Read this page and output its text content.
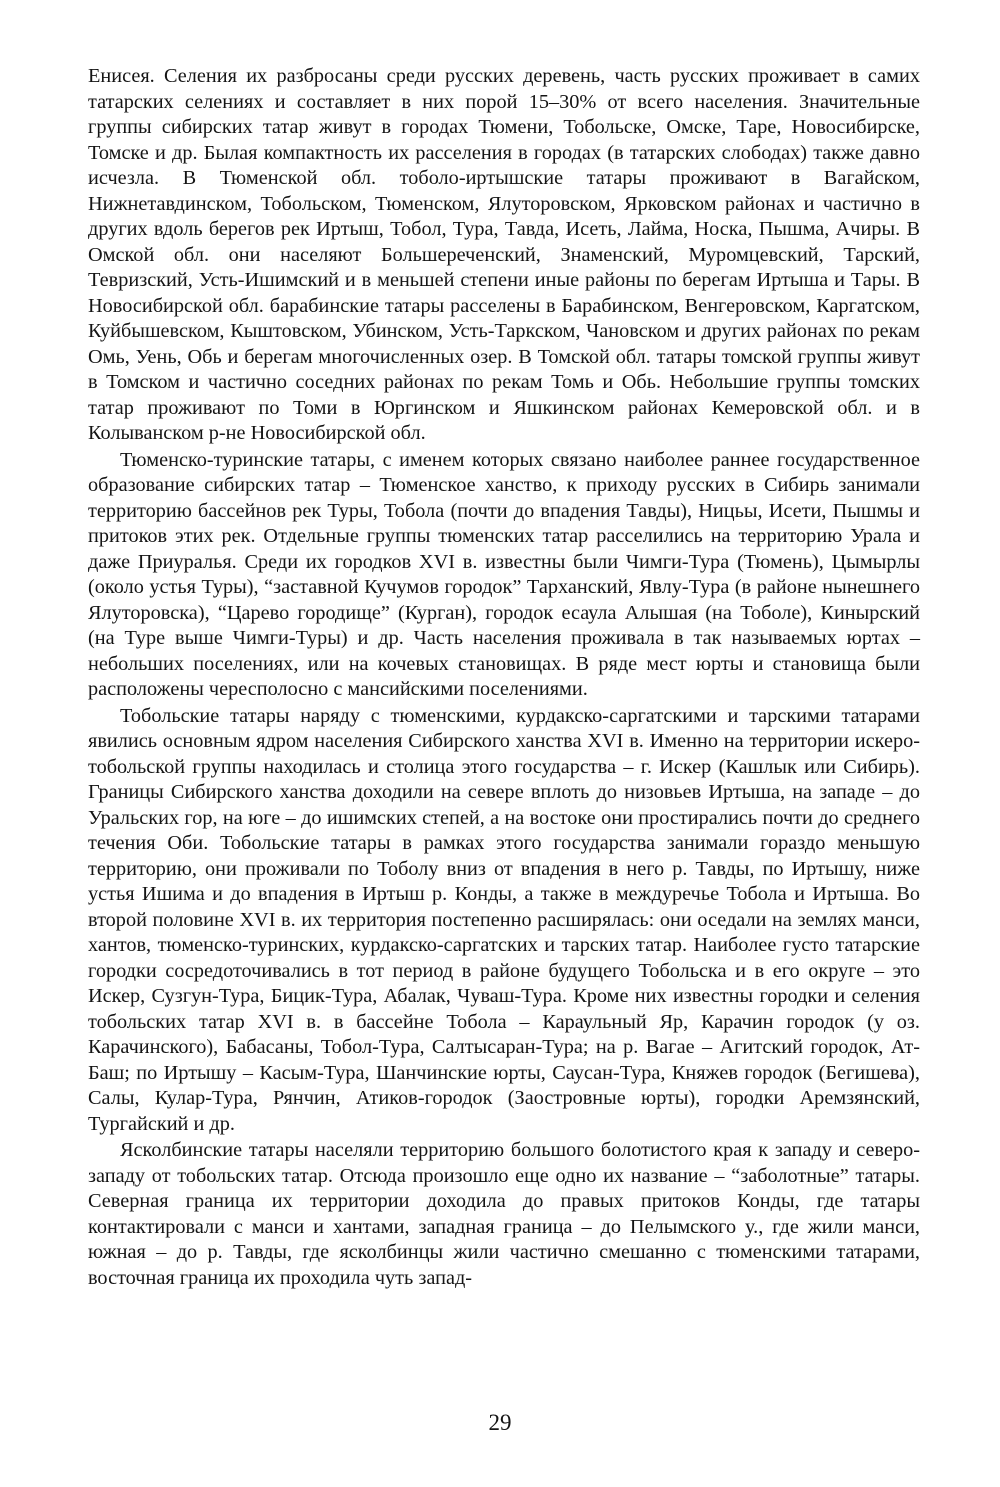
Енисея. Селения их разбросаны среди русских деревень, часть русских проживает в самих татарских селениях и составляет в них порой 15–30% от всего населения. Значительные группы сибирских татар живут в городах Тюмени, Тобольске, Омске, Таре, Новосибирске, Томске и др. Былая компактность их расселения в городах (в татарских слободах) также давно исчезла. В Тюменской обл. тоболо-иртышские татары проживают в Вагайском, Нижнетавдинском, Тобольском, Тюменском, Ялуторовском, Ярковском районах и частично в других вдоль берегов рек Иртыш, Тобол, Тура, Тавда, Исеть, Лайма, Носка, Пышма, Ачиры. В Омской обл. они населяют Большереченский, Знаменский, Муромцевский, Тарский, Тевризский, Усть-Ишимский и в меньшей степени иные районы по берегам Иртыша и Тары. В Новосибирской обл. барабинские татары расселены в Барабинском, Венгеровском, Каргатском, Куйбышевском, Кыштовском, Убинском, Усть-Таркском, Чановском и других районах по рекам Омь, Уень, Обь и берегам многочисленных озер. В Томской обл. татары томской группы живут в Томском и частично соседних районах по рекам Томь и Обь. Небольшие группы томских татар проживают по Томи в Юргинском и Яшкинском районах Кемеровской обл. и в Колыванском р-не Новосибирской обл.

Тюменско-туринские татары, с именем которых связано наиболее раннее государственное образование сибирских татар – Тюменское ханство, к приходу русских в Сибирь занимали территорию бассейнов рек Туры, Тобола (почти до впадения Тавды), Ницьы, Исети, Пышмы и притоков этих рек. Отдельные группы тюменских татар расселились на территорию Урала и даже Приуралья. Среди их городков XVI в. известны были Чимги-Тура (Тюмень), Цымырлы (около устья Туры), “заставной Кучумов городок” Тарханский, Явлу-Тура (в районе нынешнего Ялуторовска), “Царево городище” (Курган), городок есаула Алышая (на Тоболе), Кинырский (на Туре выше Чимги-Туры) и др. Часть населения проживала в так называемых юртах – небольших поселениях, или на кочевых становищах. В ряде мест юрты и становища были расположены чересполосно с мансийскими поселениями.

Тобольские татары наряду с тюменскими, курдакско-саргатскими и тарскими татарами явились основным ядром населения Сибирского ханства XVI в. Именно на территории искеро-тобольской группы находилась и столица этого государства – г. Искер (Кашлык или Сибирь). Границы Сибирского ханства доходили на севере вплоть до низовьев Иртыша, на западе – до Уральских гор, на юге – до ишимских степей, а на востоке они простирались почти до среднего течения Оби. Тобольские татары в рамках этого государства занимали гораздо меньшую территорию, они проживали по Тоболу вниз от впадения в него р. Тавды, по Иртышу, ниже устья Ишима и до впадения в Иртыш р. Конды, а также в междуречье Тобола и Иртыша. Во второй половине XVI в. их территория постепенно расширялась: они оседали на землях манси, хантов, тюменско-туринских, курдакско-саргатских и тарских татар. Наиболее густо татарские городки сосредоточивались в тот период в районе будущего Тобольска и в его округе – это Искер, Сузгун-Тура, Бицик-Тура, Абалак, Чуваш-Тура. Кроме них известны городки и селения тобольских татар XVI в. в бассейне Тобола – Караульный Яр, Карачин городок (у оз. Карачинского), Бабасаны, Тобол-Тура, Салтысаран-Тура; на р. Вагае – Агитский городок, Ат-Баш; по Иртышу – Касым-Тура, Шанчинские юрты, Саусан-Тура, Княжев городок (Бегишева), Салы, Кулар-Тура, Рянчин, Атиков-городок (Заостровные юрты), городки Аремзянский, Тургайский и др.

Ясколбинские татары населяли территорию большого болотистого края к западу и северо-западу от тобольских татар. Отсюда произошло еще одно их название – “заболотные” татары. Северная граница их территории доходила до правых притоков Конды, где татары контактировали с манси и хантами, западная граница – до Пелымского у., где жили манси, южная – до р. Тавды, где ясколбинцы жили частично смешанно с тюменскими татарами, восточная граница их проходила чуть запад-

29
